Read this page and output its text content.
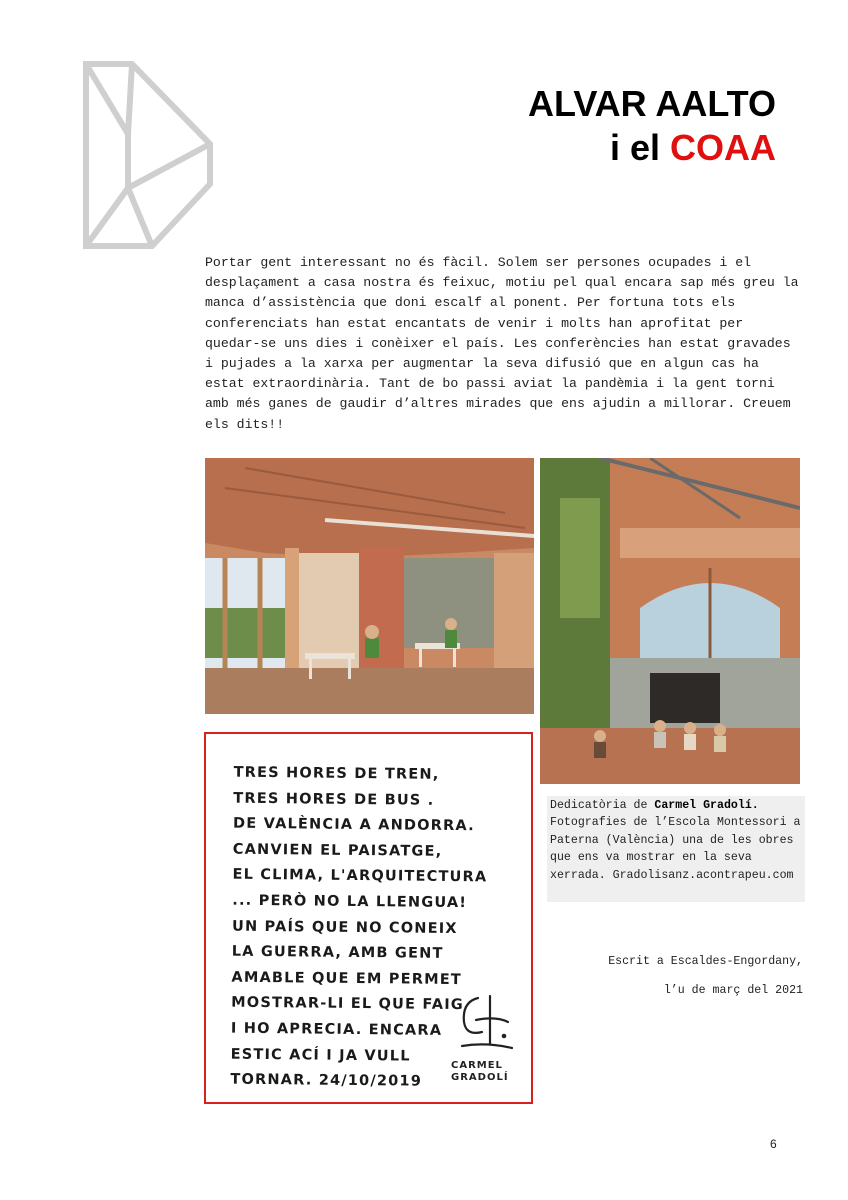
ALVAR AALTO
i el COAA

Portar gent interessant no és fàcil. Solem ser persones ocupades i el desplaçament a casa nostra és feixuc, motiu pel qual encara sap més greu la manca d’assistència que doni escalf al ponent. Per fortuna tots els conferenciats han estat encantats de venir i molts han aprofitat per quedar-se uns dies i conèixer el país. Les conferències han estat gravades i pujades a la xarxa per augmentar la seva difusió que en algun cas ha estat extraordinària. Tant de bo passi aviat la pandèmia i la gent torni amb més ganes de gaudir d’altres mirades que ens ajudin a millorar. Creuem els dits!!

Dedicatòria de Carmel Gradolí. Fotografies de l’Escola Montessori a Paterna (València) una de les obres que ens va mostrar en la seva xerrada. Gradolisanz.acontrapeu.com
Escrit a Escaldes-Engordany,
l’u de març del 2021
TRES HORES DE TREN,
TRES HORES DE BUS .
DE VALÈNCIA A ANDORRA.
CANVIEN EL PAISATGE,
EL CLIMA, L'ARQUITECTURA
... PERÒ NO LA LLENGUA!
UN PAÍS QUE NO CONEIX
LA GUERRA, AMB GENT
AMABLE QUE EM PERMET
MOSTRAR-LI EL QUE FAIG
I HO APRECIA. ENCARA
ESTIC ACÍ I JA VULL
TORNAR. 24/10/2019
CARMEL
GRADOLÍ
6
